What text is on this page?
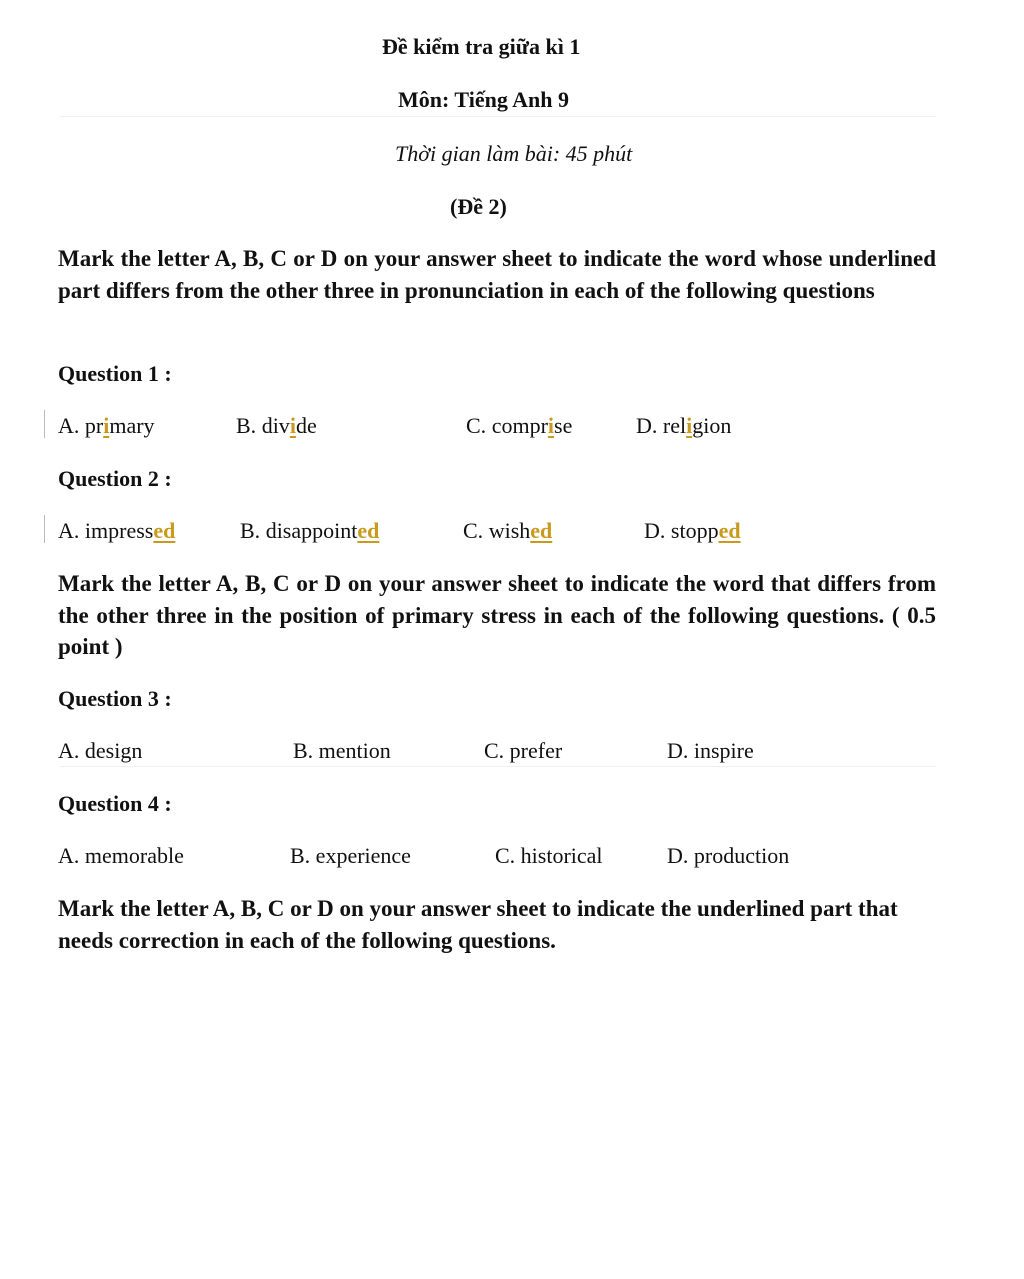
Đề kiểm tra giữa kì 1
Môn: Tiếng Anh 9
Thời gian làm bài: 45 phút
(Đề 2)

Mark the letter A, B, C or D on your answer sheet to indicate the word whose underlined part differs from the other three in pronunciation in each of the following questions

Question 1 :
A. primary	B. divide	C. comprise	D. religion
Question 2 :
A. impressed	B. disappointed	C. wished	D. stopped

Mark the letter A, B, C or D on your answer sheet to indicate the word that differs from the other three in the position of primary stress in each of the following questions. ( 0.5 point )

Question 3 :
A. design	B. mention	C. prefer	D. inspire
Question 4 :
A. memorable	B. experience	C. historical	D. production

Mark the letter A, B, C or D on your answer sheet to indicate the underlined part that needs correction in each of the following questions.
